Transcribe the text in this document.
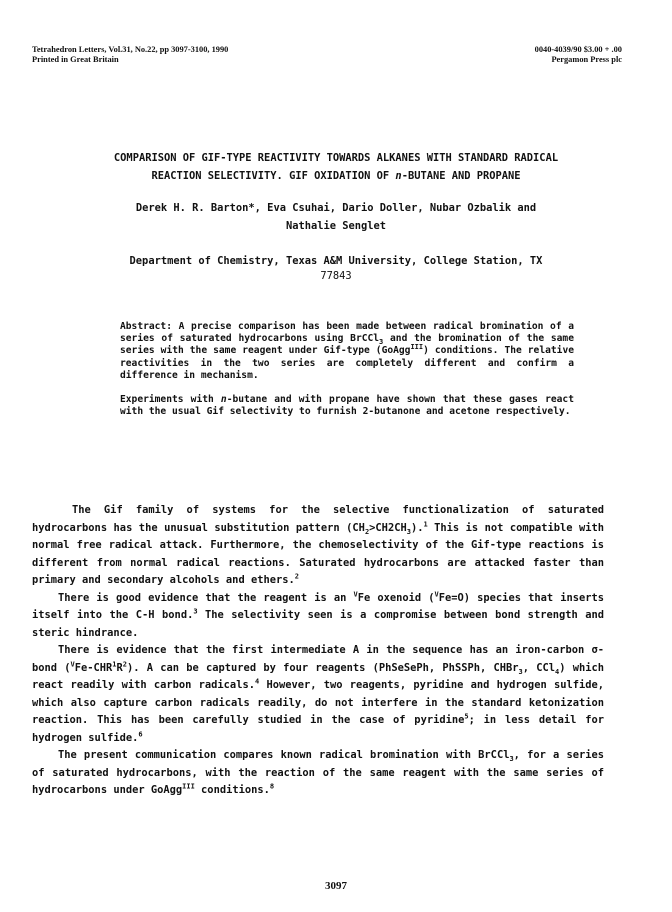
Tetrahedron Letters, Vol.31, No.22, pp 3097-3100, 1990
Printed in Great Britain
0040-4039/90 $3.00 + .00
Pergamon Press plc
COMPARISON OF GIF-TYPE REACTIVITY TOWARDS ALKANES WITH STANDARD RADICAL
REACTION SELECTIVITY. GIF OXIDATION OF n-BUTANE AND PROPANE
Derek H. R. Barton*, Eva Csuhai, Dario Doller, Nubar Ozbalik and
Nathalie Senglet
Department of Chemistry, Texas A&M University, College Station, TX
77843

Abstract: A precise comparison has been made between radical bromination of a series of saturated hydrocarbons using BrCCl$_3$ and the bromination of the same series with the same reagent under Gif-type (GoAgg$^{III}$) conditions. The relative reactivities in the two series are completely different and confirm a difference in mechanism.

Experiments with n-butane and with propane have shown that these gases react with the usual Gif selectivity to furnish 2-butanone and acetone respectively.

The Gif family of systems for the selective functionalization of saturated hydrocarbons has the unusual substitution pattern $(CH_2>CH2CH_3).^1$ This is not compatible with normal free radical attack. Furthermore, the chemoselectivity of the Gif-type reactions is different from normal radical reactions. Saturated hydrocarbons are attacked faster than primary and secondary alcohols and ethers.$^2$

There is good evidence that the reagent is an $^V$Fe oxenoid ($^V$Fe=O) species that inserts itself into the C-H bond.$^3$ The selectivity seen is a compromise between bond strength and steric hindrance.

There is evidence that the first intermediate A in the sequence has an iron-carbon σ-bond $(^VFe-CHR^1R^2)$. A can be captured by four reagents (PhSeSePh, PhSSPh, CHBr$_3$, CCl$_4$) which react readily with carbon radicals.$^4$ However, two reagents, pyridine and hydrogen sulfide, which also capture carbon radicals readily, do not interfere in the standard ketonization reaction. This has been carefully studied in the case of pyridine$^5$; in less detail for hydrogen sulfide.$^6$

The present communication compares known radical bromination with BrCCl$_3$, for a series of saturated hydrocarbons, with the reaction of the same reagent with the same series of hydrocarbons under GoAgg$^{III}$ conditions.$^8$

3097
